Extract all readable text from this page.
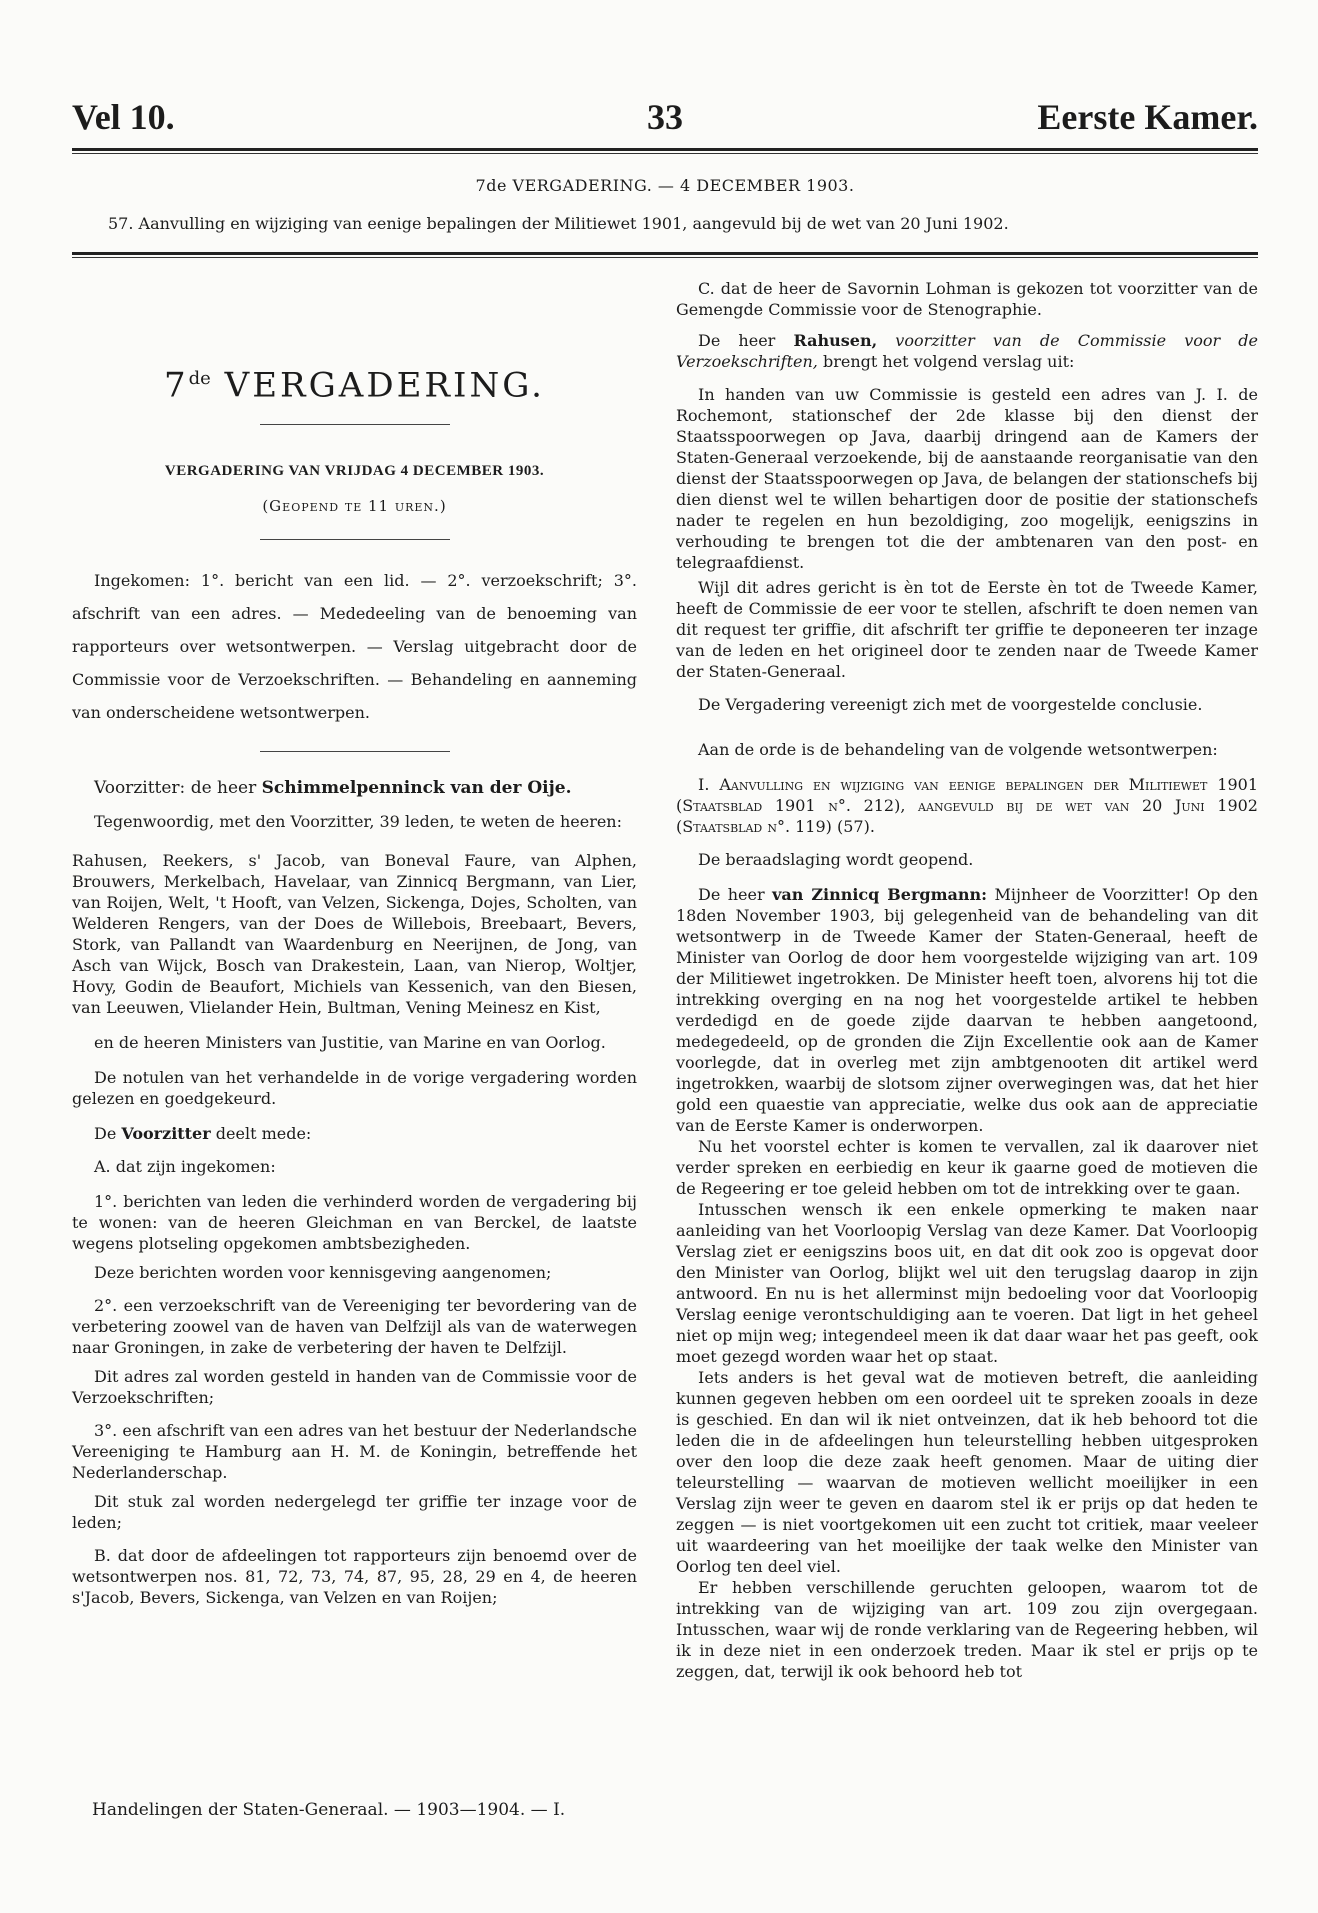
Vel 10.	33	Eerste Kamer.
7de VERGADERING. — 4 DECEMBER 1903.
57. Aanvulling en wijziging van eenige bepalingen der Militiewet 1901, aangevuld bij de wet van 20 Juni 1902.
7de VERGADERING.

VERGADERING VAN VRIJDAG 4 DECEMBER 1903.

(Geopend te 11 uren.)

Ingekomen: 1°. bericht van een lid. — 2°. verzoekschrift; 3°. afschrift van een adres. — Mededeeling van de benoeming van rapporteurs over wetsontwerpen. — Verslag uitgebracht door de Commissie voor de Verzoekschriften. — Behandeling en aanneming van onderscheidene wetsontwerpen.

Voorzitter: de heer Schimmelpenninck van der Oije.

Tegenwoordig, met den Voorzitter, 39 leden, te weten de heeren:

Rahusen, Reekers, s' Jacob, van Boneval Faure, van Alphen, Brouwers, Merkelbach, Havelaar, van Zinnicq Bergmann, van Lier, van Roijen, Welt, 't Hooft, van Velzen, Sickenga, Dojes, Scholten, van Welderen Rengers, van der Does de Willebois, Breebaart, Bevers, Stork, van Pallandt van Waardenburg en Neerijnen, de Jong, van Asch van Wijck, Bosch van Drakestein, Laan, van Nierop, Woltjer, Hovy, Godin de Beaufort, Michiels van Kessenich, van den Biesen, van Leeuwen, Vlielander Hein, Bultman, Vening Meinesz en Kist,

en de heeren Ministers van Justitie, van Marine en van Oorlog.

De notulen van het verhandelde in de vorige vergadering worden gelezen en goedgekeurd.

De Voorzitter deelt mede:

A. dat zijn ingekomen:

1°. berichten van leden die verhinderd worden de vergadering bij te wonen: van de heeren Gleichman en van Berckel, de laatste wegens plotseling opgekomen ambtsbezigheden.

Deze berichten worden voor kennisgeving aangenomen;

2°. een verzoekschrift van de Vereeniging ter bevordering van de verbetering zoowel van de haven van Delfzijl als van de waterwegen naar Groningen, in zake de verbetering der haven te Delfzijl.

Dit adres zal worden gesteld in handen van de Commissie voor de Verzoekschriften;

3°. een afschrift van een adres van het bestuur der Nederlandsche Vereeniging te Hamburg aan H. M. de Koningin, betreffende het Nederlanderschap.

Dit stuk zal worden nedergelegd ter griffie ter inzage voor de leden;

B. dat door de afdeelingen tot rapporteurs zijn benoemd over de wetsontwerpen nos. 81, 72, 73, 74, 87, 95, 28, 29 en 4, de heeren s'Jacob, Bevers, Sickenga, van Velzen en van Roijen;

C. dat de heer de Savornin Lohman is gekozen tot voorzitter van de Gemengde Commissie voor de Stenographie.

De heer Rahusen, voorzitter van de Commissie voor de Verzoekschriften, brengt het volgend verslag uit:

In handen van uw Commissie is gesteld een adres van J. I. de Rochemont, stationschef der 2de klasse bij den dienst der Staatsspoorwegen op Java, daarbij dringend aan de Kamers der Staten-Generaal verzoekende, bij de aanstaande reorganisatie van den dienst der Staatsspoorwegen op Java, de belangen der stationschefs bij dien dienst wel te willen behartigen door de positie der stationschefs nader te regelen en hun bezoldiging, zoo mogelijk, eenigszins in verhouding te brengen tot die der ambtenaren van den post- en telegraafdienst.

Wijl dit adres gericht is èn tot de Eerste èn tot de Tweede Kamer, heeft de Commissie de eer voor te stellen, afschrift te doen nemen van dit request ter griffie, dit afschrift ter griffie te deponeeren ter inzage van de leden en het origineel door te zenden naar de Tweede Kamer der Staten-Generaal.

De Vergadering vereenigt zich met de voorgestelde conclusie.

Aan de orde is de behandeling van de volgende wetsontwerpen:

I. Aanvulling en wijziging van eenige bepalingen der Militiewet 1901 (Staatsblad 1901 n°. 212), aangevuld bij de wet van 20 Juni 1902 (Staatsblad n°. 119) (57).

De beraadslaging wordt geopend.

De heer van Zinnicq Bergmann: Mijnheer de Voorzitter! Op den 18den November 1903, bij gelegenheid van de behandeling van dit wetsontwerp in de Tweede Kamer der Staten-Generaal, heeft de Minister van Oorlog de door hem voorgestelde wijziging van art. 109 der Militiewet ingetrokken. De Minister heeft toen, alvorens hij tot die intrekking overging en na nog het voorgestelde artikel te hebben verdedigd en de goede zijde daarvan te hebben aangetoond, medegedeeld, op de gronden die Zijn Excellentie ook aan de Kamer voorlegde, dat in overleg met zijn ambtgenooten dit artikel werd ingetrokken, waarbij de slotsom zijner overwegingen was, dat het hier gold een quaestie van appreciatie, welke dus ook aan de appreciatie van de Eerste Kamer is onderworpen.

Nu het voorstel echter is komen te vervallen, zal ik daarover niet verder spreken en eerbiedig en keur ik gaarne goed de motieven die de Regeering er toe geleid hebben om tot de intrekking over te gaan.

Intusschen wensch ik een enkele opmerking te maken naar aanleiding van het Voorloopig Verslag van deze Kamer. Dat Voorloopig Verslag ziet er eenigszins boos uit, en dat dit ook zoo is opgevat door den Minister van Oorlog, blijkt wel uit den terugslag daarop in zijn antwoord. En nu is het allerminst mijn bedoeling voor dat Voorloopig Verslag eenige verontschuldiging aan te voeren. Dat ligt in het geheel niet op mijn weg; integendeel meen ik dat daar waar het pas geeft, ook moet gezegd worden waar het op staat.

Iets anders is het geval wat de motieven betreft, die aanleiding kunnen gegeven hebben om een oordeel uit te spreken zooals in deze is geschied. En dan wil ik niet ontveinzen, dat ik heb behoord tot die leden die in de afdeelingen hun teleurstelling hebben uitgesproken over den loop die deze zaak heeft genomen. Maar de uiting dier teleurstelling — waarvan de motieven wellicht moeilijker in een Verslag zijn weer te geven en daarom stel ik er prijs op dat heden te zeggen — is niet voortgekomen uit een zucht tot critiek, maar veeleer uit waardeering van het moeilijke der taak welke den Minister van Oorlog ten deel viel.

Er hebben verschillende geruchten geloopen, waarom tot de intrekking van de wijziging van art. 109 zou zijn overgegaan. Intusschen, waar wij de ronde verklaring van de Regeering hebben, wil ik in deze niet in een onderzoek treden. Maar ik stel er prijs op te zeggen, dat, terwijl ik ook behoord heb tot

Handelingen der Staten-Generaal. — 1903—1904. — I.
